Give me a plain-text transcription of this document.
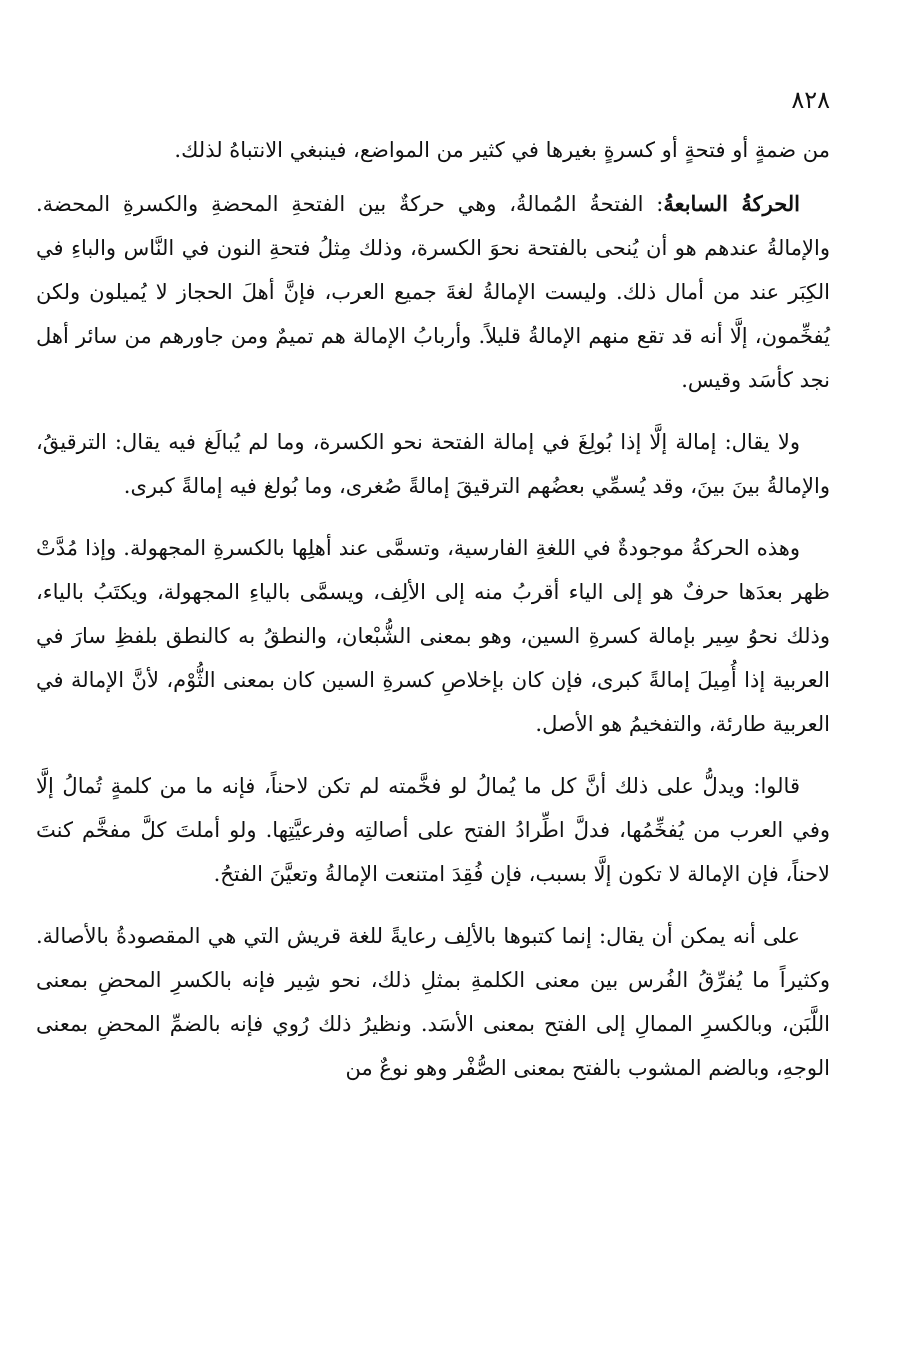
٨٢٨

من ضمةٍ أو فتحةٍ أو كسرةٍ بغيرها في كثير من المواضع، فينبغي الانتباهُ لذلك.

الحركةُ السابعةُ: الفتحةُ المُمالةُ، وهي حركةٌ بين الفتحةِ المحضةِ والكسرةِ المحضة. والإمالةُ عندهم هو أن يُنحى بالفتحة نحوَ الكسرة، وذلك مِثلُ فتحةِ النون في النَّاس والباءِ في الكِبَر عند من أمال ذلك. وليست الإمالةُ لغةَ جميع العرب، فإنَّ أهلَ الحجاز لا يُميلون ولكن يُفخِّمون، إلَّا أنه قد تقع منهم الإمالةُ قليلاً. وأربابُ الإمالة هم تميمٌ ومن جاورهم من سائر أهل نجد كأسَد وقيس.

ولا يقال: إمالة إلَّا إذا بُولِغَ في إمالة الفتحة نحو الكسرة، وما لم يُبالَغ فيه يقال: الترقيقُ، والإمالةُ بينَ بينَ، وقد يُسمِّي بعضُهم الترقيقَ إمالةً صُغرى، وما بُولغ فيه إمالةً كبرى.

وهذه الحركةُ موجودةٌ في اللغةِ الفارسية، وتسمَّى عند أهلِها بالكسرةِ المجهولة. وإذا مُدَّتْ ظهر بعدَها حرفٌ هو إلى الياء أقربُ منه إلى الألِف، ويسمَّى بالياءِ المجهولة، ويكتَبُ بالياء، وذلك نحوُ سِير بإمالة كسرةِ السين، وهو بمعنى الشُّبْعان، والنطقُ به كالنطق بلفظِ سارَ في العربية إذا أُمِيلَ إمالةً كبرى، فإن كان بإخلاصِ كسرةِ السين كان بمعنى الثُّوْم، لأنَّ الإمالة في العربية طارئة، والتفخيمُ هو الأصل.

قالوا: ويدلُّ على ذلك أنَّ كل ما يُمالُ لو فخَّمته لم تكن لاحناً، فإنه ما من كلمةٍ تُمالُ إلَّا وفي العرب من يُفخِّمُها، فدلَّ اطِّرادُ الفتح على أصالتِه وفرعيَّتِها. ولو أملتَ كلَّ مفخَّم كنتَ لاحناً، فإن الإمالة لا تكون إلَّا بسبب، فإن فُقِدَ امتنعت الإمالةُ وتعيَّنَ الفتحُ.

على أنه يمكن أن يقال: إنما كتبوها بالألِف رعايةً للغة قريش التي هي المقصودةُ بالأصالة. وكثيراً ما يُفرِّقُ الفُرس بين معنى الكلمةِ بمثلِ ذلك، نحو شِير فإنه بالكسرِ المحضِ بمعنى اللَّبَن، وبالكسرِ الممالِ إلى الفتح بمعنى الأسَد. ونظيرُ ذلك رُوي فإنه بالضمِّ المحضِ بمعنى الوجهِ، وبالضم المشوب بالفتح بمعنى الصُّفْر وهو نوعٌ من
